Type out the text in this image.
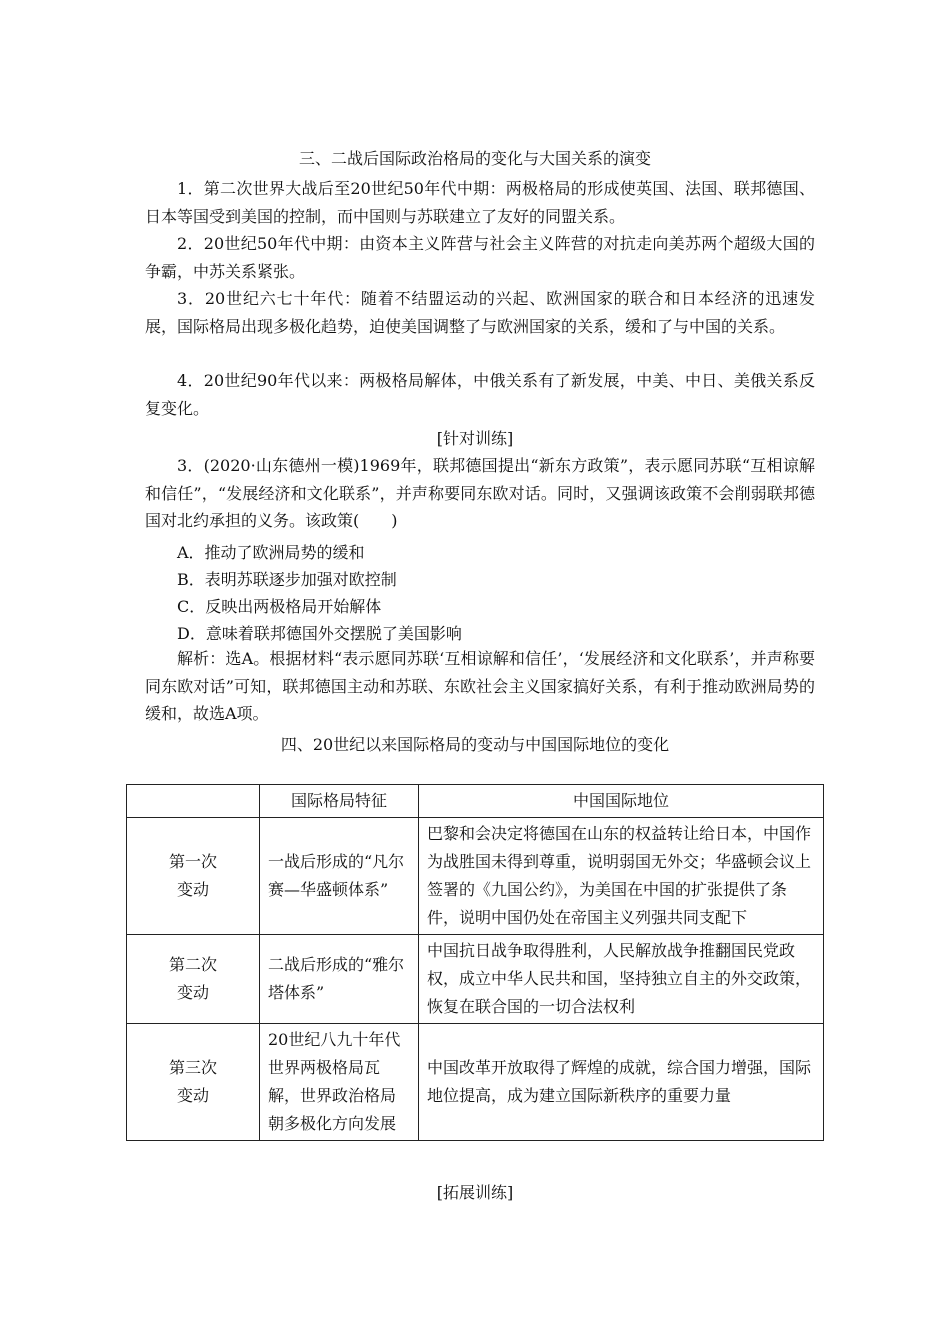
三、二战后国际政治格局的变化与大国关系的演变
1．第二次世界大战后至20世纪50年代中期：两极格局的形成使英国、法国、联邦德国、日本等国受到美国的控制，而中国则与苏联建立了友好的同盟关系。
2．20世纪50年代中期：由资本主义阵营与社会主义阵营的对抗走向美苏两个超级大国的争霸，中苏关系紧张。
3．20世纪六七十年代：随着不结盟运动的兴起、欧洲国家的联合和日本经济的迅速发展，国际格局出现多极化趋势，迫使美国调整了与欧洲国家的关系，缓和了与中国的关系。
4．20世纪90年代以来：两极格局解体，中俄关系有了新发展，中美、中日、美俄关系反复变化。
[针对训练]
3．(2020·山东德州一模)1969年，联邦德国提出“新东方政策”，表示愿同苏联“互相谅解和信任”，“发展经济和文化联系”，并声称要同东欧对话。同时，又强调该政策不会削弱联邦德国对北约承担的义务。该政策(　　)
A．推动了欧洲局势的缓和
B．表明苏联逐步加强对欧控制
C．反映出两极格局开始解体
D．意味着联邦德国外交摆脱了美国影响
解析：选A。根据材料“表示愿同苏联‘互相谅解和信任’，‘发展经济和文化联系’，并声称要同东欧对话”可知，联邦德国主动和苏联、东欧社会主义国家搞好关系，有利于推动欧洲局势的缓和，故选A项。
四、20世纪以来国际格局的变动与中国国际地位的变化
	国际格局特征	中国国际地位
第一次
变动	一战后形成的“凡尔赛—华盛顿体系”	巴黎和会决定将德国在山东的权益转让给日本，中国作为战胜国未得到尊重，说明弱国无外交；华盛顿会议上签署的《九国公约》，为美国在中国的扩张提供了条件，说明中国仍处在帝国主义列强共同支配下
第二次
变动	二战后形成的“雅尔塔体系”	中国抗日战争取得胜利，人民解放战争推翻国民党政权，成立中华人民共和国，坚持独立自主的外交政策，恢复在联合国的一切合法权利
第三次
变动	20世纪八九十年代世界两极格局瓦解，世界政治格局朝多极化方向发展	中国改革开放取得了辉煌的成就，综合国力增强，国际地位提高，成为建立国际新秩序的重要力量
[拓展训练]
